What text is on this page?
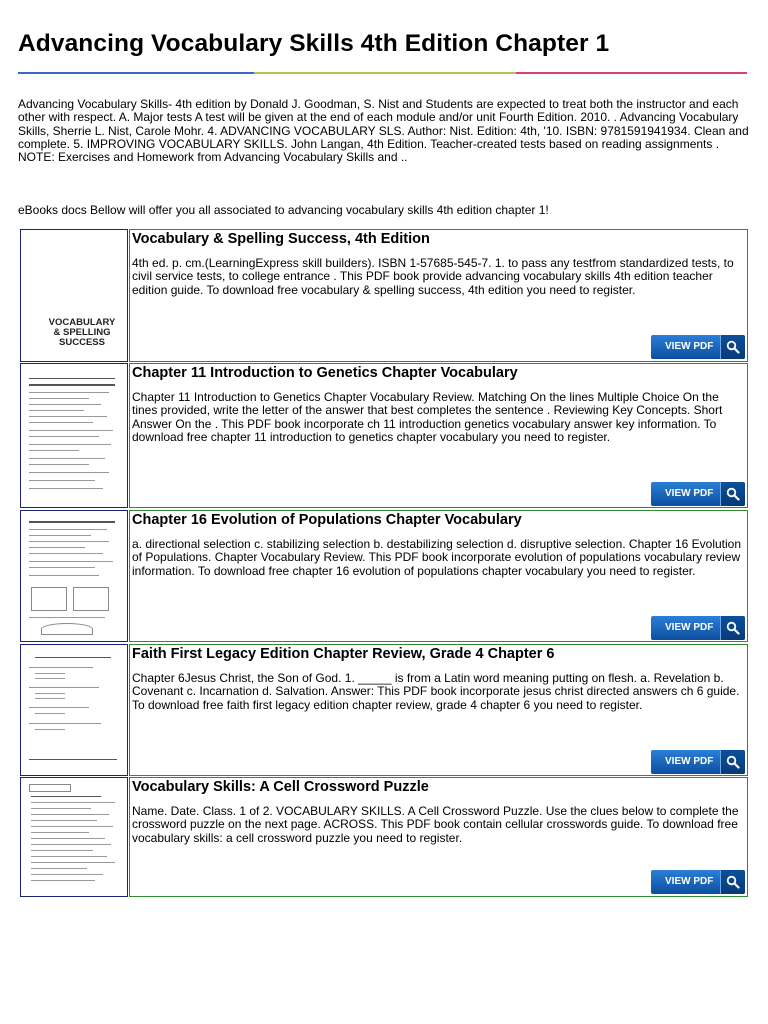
Advancing Vocabulary Skills 4th Edition Chapter 1

Advancing Vocabulary Skills- 4th edition by Donald J. Goodman, S. Nist and Students are expected to treat both the instructor and each other with respect. A. Major tests A test will be given at the end of each module and/or unit Fourth Edition. 2010. . Advancing Vocabulary Skills, Sherrie L. Nist, Carole Mohr. 4. ADVANCING VOCABULARY SLS. Author: Nist. Edition: 4th, '10. ISBN: 9781591941934. Clean and complete. 5. IMPROVING VOCABULARY SKILLS. John Langan, 4th Edition. Teacher-created tests based on reading assignments . NOTE: Exercises and Homework from Advancing Vocabulary Skills and ..

eBooks docs Bellow will offer you all associated to advancing vocabulary skills 4th edition chapter 1!

VOCABULARY
& SPELLING
SUCCESS
Vocabulary & Spelling Success, 4th Edition

4th ed. p. cm.(LearningExpress skill builders). ISBN 1-57685-545-7. 1. to pass any testfrom standardized tests, to civil service tests, to college entrance . This PDF book provide advancing vocabulary skills 4th edition teacher edition guide. To download free vocabulary & spelling success, 4th edition you need to register.

VIEW PDF
Chapter 11 Introduction to Genetics Chapter Vocabulary

Chapter 11 Introduction to Genetics Chapter Vocabulary Review. Matching On the lines Multiple Choice On the tines provided, write the letter of the answer that best completes the sentence . Reviewing Key Concepts. Short Answer On the . This PDF book incorporate ch 11 introduction genetics vocabulary answer key information. To download free chapter 11 introduction to genetics chapter vocabulary you need to register.

VIEW PDF
Chapter 16 Evolution of Populations Chapter Vocabulary

a. directional selection c. stabilizing selection b. destabilizing selection d. disruptive selection. Chapter 16 Evolution of Populations. Chapter Vocabulary Review. This PDF book incorporate evolution of populations vocabulary review information. To download free chapter 16 evolution of populations chapter vocabulary you need to register.

VIEW PDF
Faith First Legacy Edition Chapter Review, Grade 4 Chapter 6

Chapter 6Jesus Christ, the Son of God. 1. _____ is from a Latin word meaning putting on flesh. a. Revelation b. Covenant c. Incarnation d. Salvation. Answer: This PDF book incorporate jesus christ directed answers ch 6 guide. To download free faith first legacy edition chapter review, grade 4 chapter 6 you need to register.

VIEW PDF
Vocabulary Skills: A Cell Crossword Puzzle

Name. Date. Class. 1 of 2. VOCABULARY SKILLS. A Cell Crossword Puzzle. Use the clues below to complete the crossword puzzle on the next page. ACROSS. This PDF book contain cellular crosswords guide. To download free vocabulary skills: a cell crossword puzzle you need to register.

VIEW PDF
